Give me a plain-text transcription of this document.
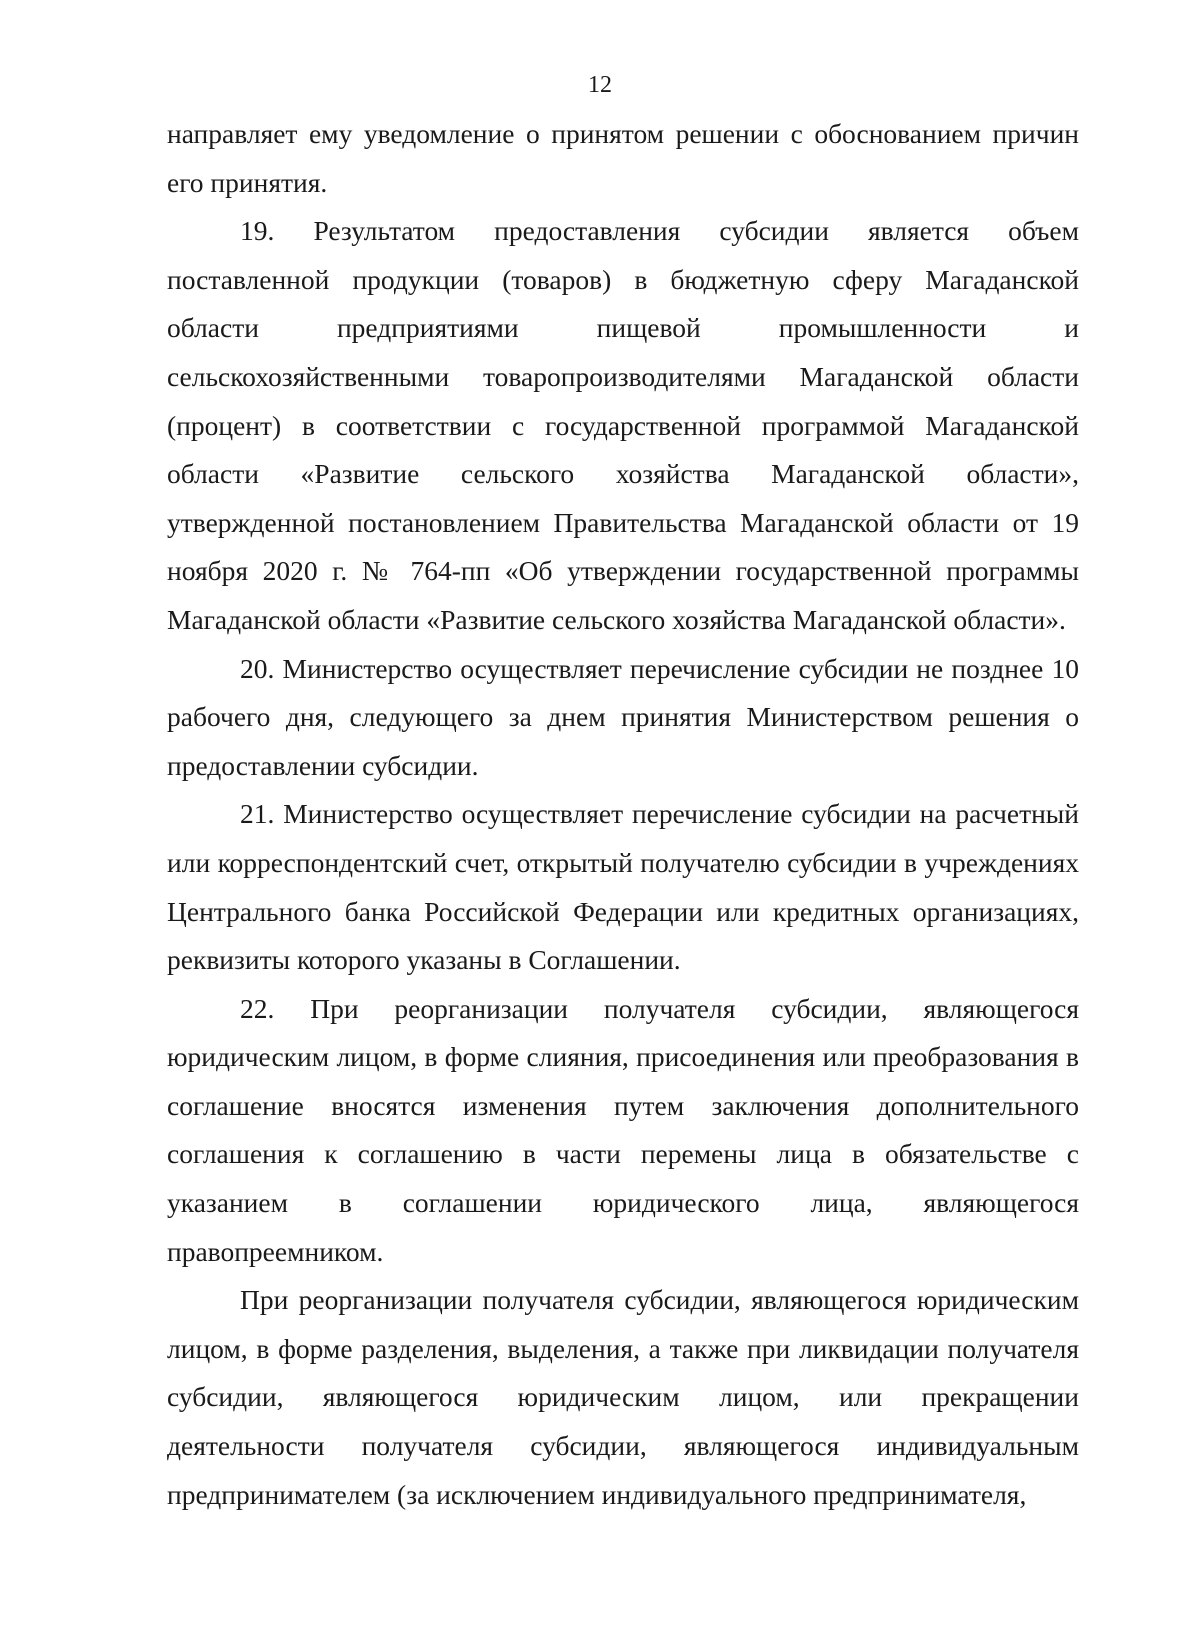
12

направляет ему уведомление о принятом решении с обоснованием причин его принятия.

19. Результатом предоставления субсидии является объем поставленной продукции (товаров) в бюджетную сферу Магаданской области предприятиями пищевой промышленности и сельскохозяйственными товаропроизводителями Магаданской области (процент) в соответствии с государственной программой Магаданской области «Развитие сельского хозяйства Магаданской области», утвержденной постановлением Правительства Магаданской области от 19 ноября 2020 г. № 764-пп «Об утверждении государственной программы Магаданской области «Развитие сельского хозяйства Магаданской области».

20. Министерство осуществляет перечисление субсидии не позднее 10 рабочего дня, следующего за днем принятия Министерством решения о предоставлении субсидии.

21. Министерство осуществляет перечисление субсидии на расчетный или корреспондентский счет, открытый получателю субсидии в учреждениях Центрального банка Российской Федерации или кредитных организациях, реквизиты которого указаны в Соглашении.

22. При реорганизации получателя субсидии, являющегося юридическим лицом, в форме слияния, присоединения или преобразования в соглашение вносятся изменения путем заключения дополнительного соглашения к соглашению в части перемены лица в обязательстве с указанием в соглашении юридического лица, являющегося правопреемником.

При реорганизации получателя субсидии, являющегося юридическим лицом, в форме разделения, выделения, а также при ликвидации получателя субсидии, являющегося юридическим лицом, или прекращении деятельности получателя субсидии, являющегося индивидуальным предпринимателем (за исключением индивидуального предпринимателя,
